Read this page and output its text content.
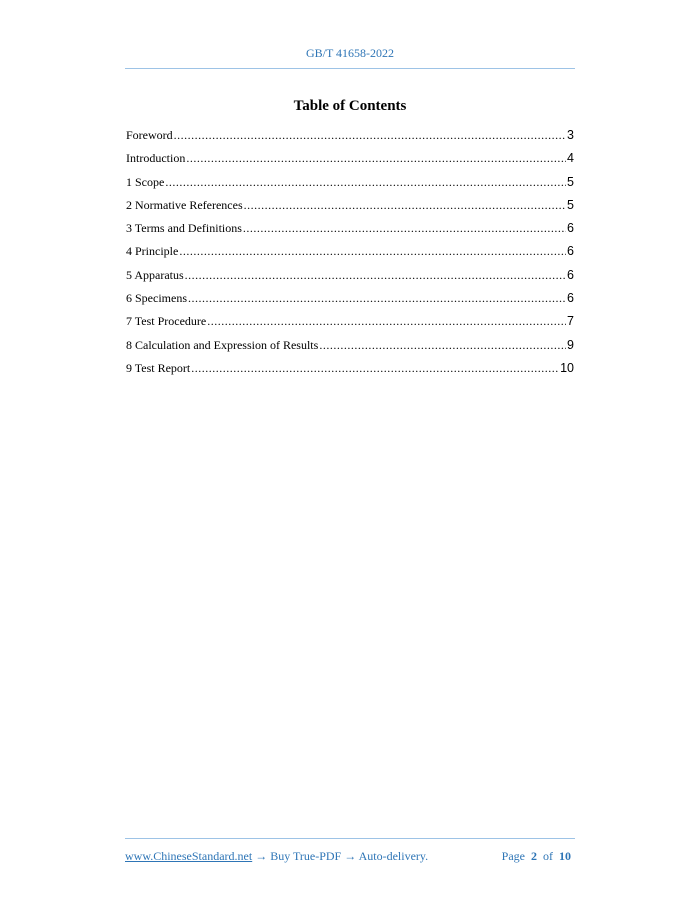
GB/T 41658-2022
Table of Contents
Foreword .....	3
Introduction .....	4
1 Scope .....	5
2 Normative References .....	5
3 Terms and Definitions .....	6
4 Principle .....	6
5 Apparatus .....	6
6 Specimens .....	6
7 Test Procedure .....	7
8 Calculation and Expression of Results .....	9
9 Test Report .....	10
www.ChineseStandard.net → Buy True-PDF → Auto-delivery.	Page 2 of 10
